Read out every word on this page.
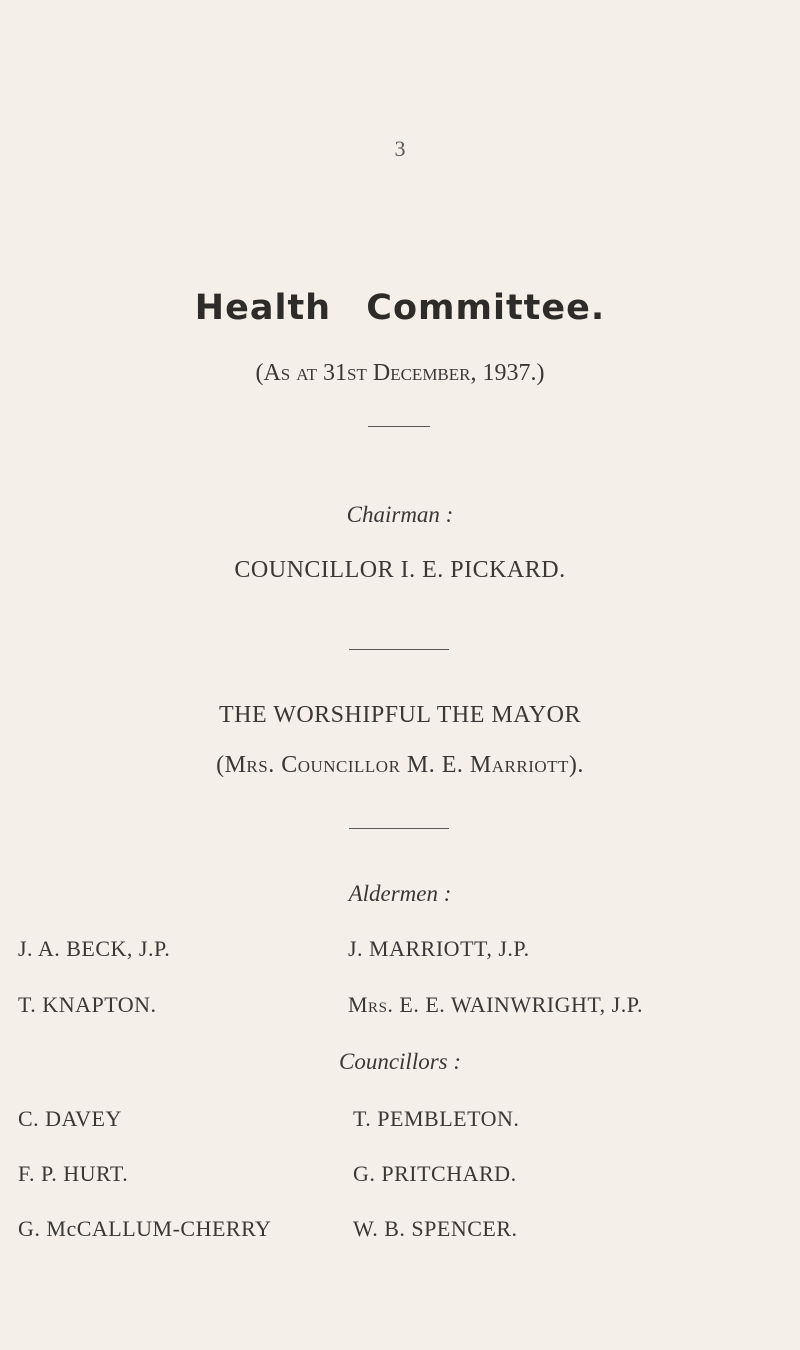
3
Health Committee.
(As at 31st December, 1937.)
Chairman :
COUNCILLOR I. E. PICKARD.
THE WORSHIPFUL THE MAYOR
(Mrs. Councillor M. E. Marriott).
Aldermen :
J. A. BECK, J.P.	J. MARRIOTT, J.P.
T. KNAPTON.	Mrs. E. E. WAINWRIGHT, J.P.
Councillors :
C. DAVEY	T. PEMBLETON.
F. P. HURT.	G. PRITCHARD.
G. McCALLUM-CHERRY	W. B. SPENCER.
